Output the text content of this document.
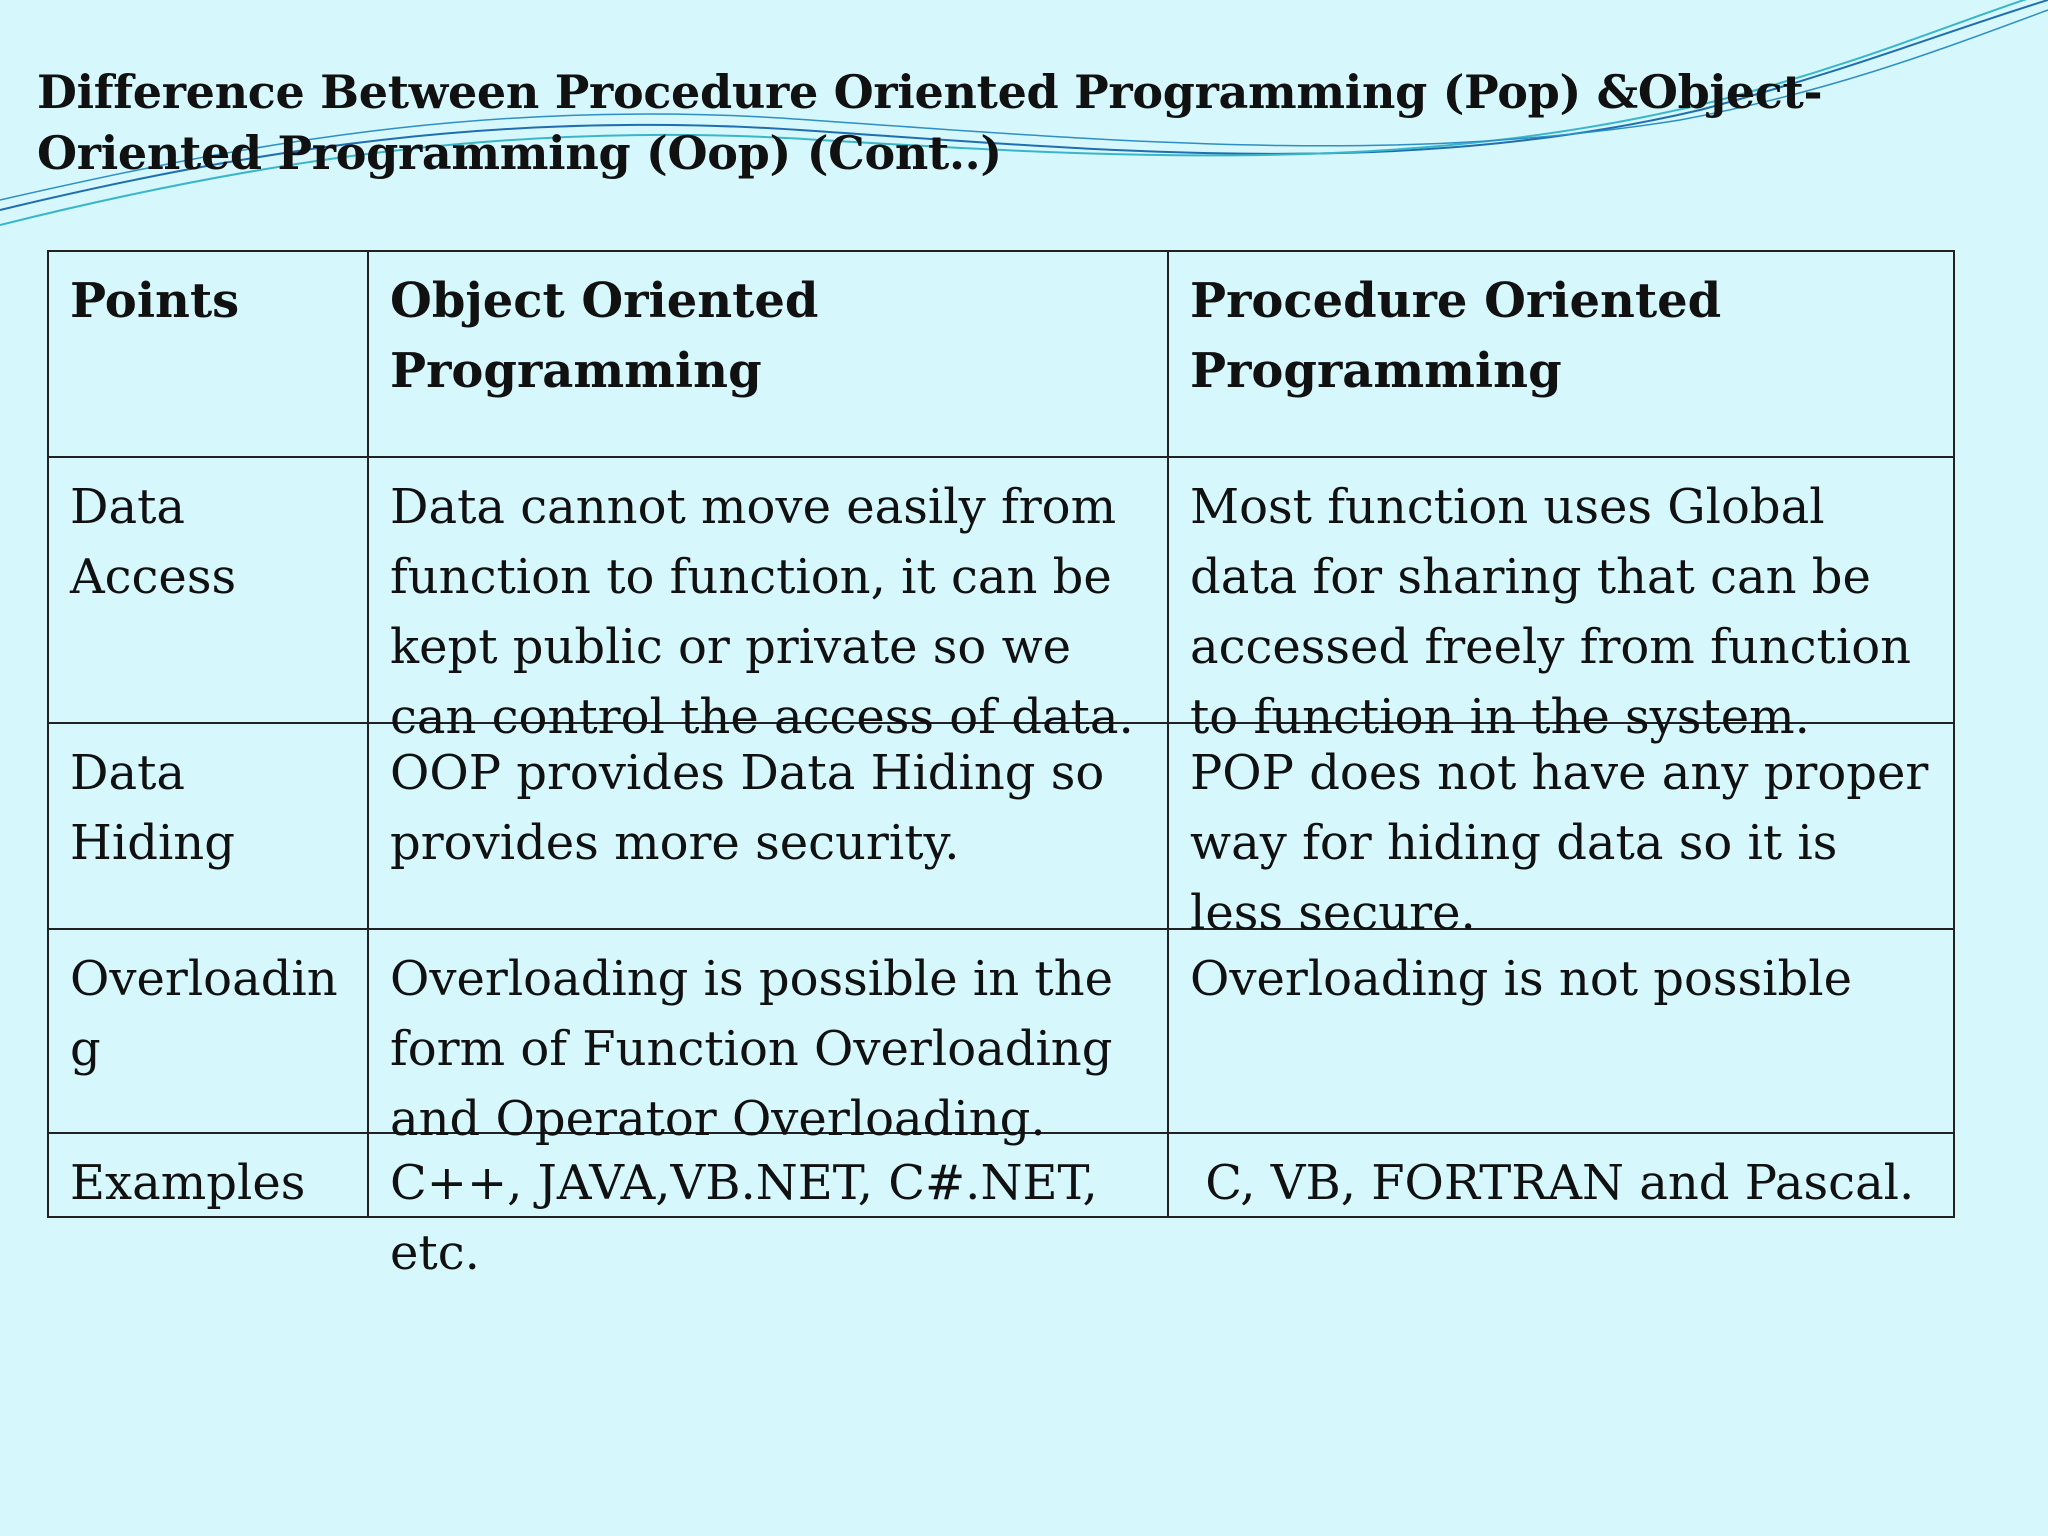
Difference Between Procedure Oriented Programming (Pop) &Object-Oriented Programming (Oop) (Cont..)
Points	Object Oriented Programming	Procedure Oriented Programming

Data Access	Data cannot move easily from function to function, it can be kept public or private so we can control the access of data.	Most function uses Global data for sharing that can be accessed freely from function to function in the system.

Data Hiding	OOP provides Data Hiding so provides more security.	POP does not have any proper way for hiding data so it is less secure.

Overloading	Overloading is possible in the form of Function Overloading and Operator Overloading.	Overloading is not possible

Examples	C++, JAVA,VB.NET, C#.NET, etc.	C, VB, FORTRAN and Pascal.
